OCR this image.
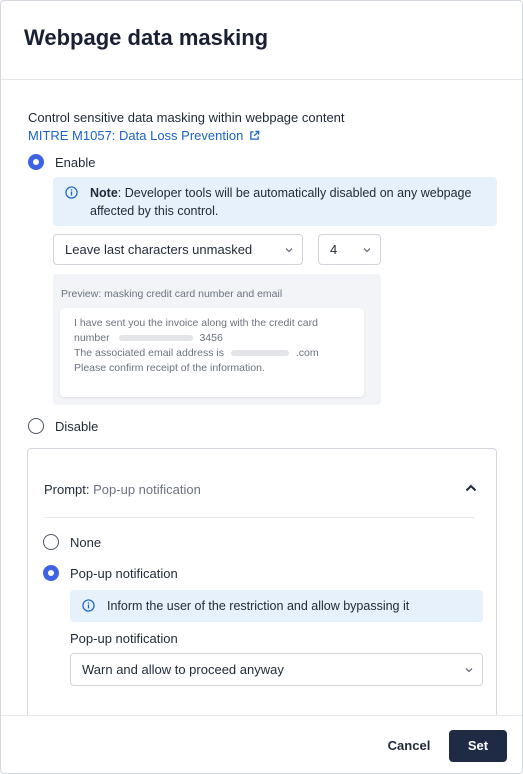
Webpage data masking
Control sensitive data masking within webpage content
MITRE M1057: Data Loss Prevention
Enable
Note: Developer tools will be automatically disabled on any webpage affected by this control.
Leave last characters unmasked	4
Preview: masking credit card number and email
I have sent you the invoice along with the credit card
number	3456
The associated email address is	.com
Please confirm receipt of the information.
Disable
Prompt: Pop-up notification
None
Pop-up notification
Inform the user of the restriction and allow bypassing it
Pop-up notification
Warn and allow to proceed anyway
Cancel	Set
